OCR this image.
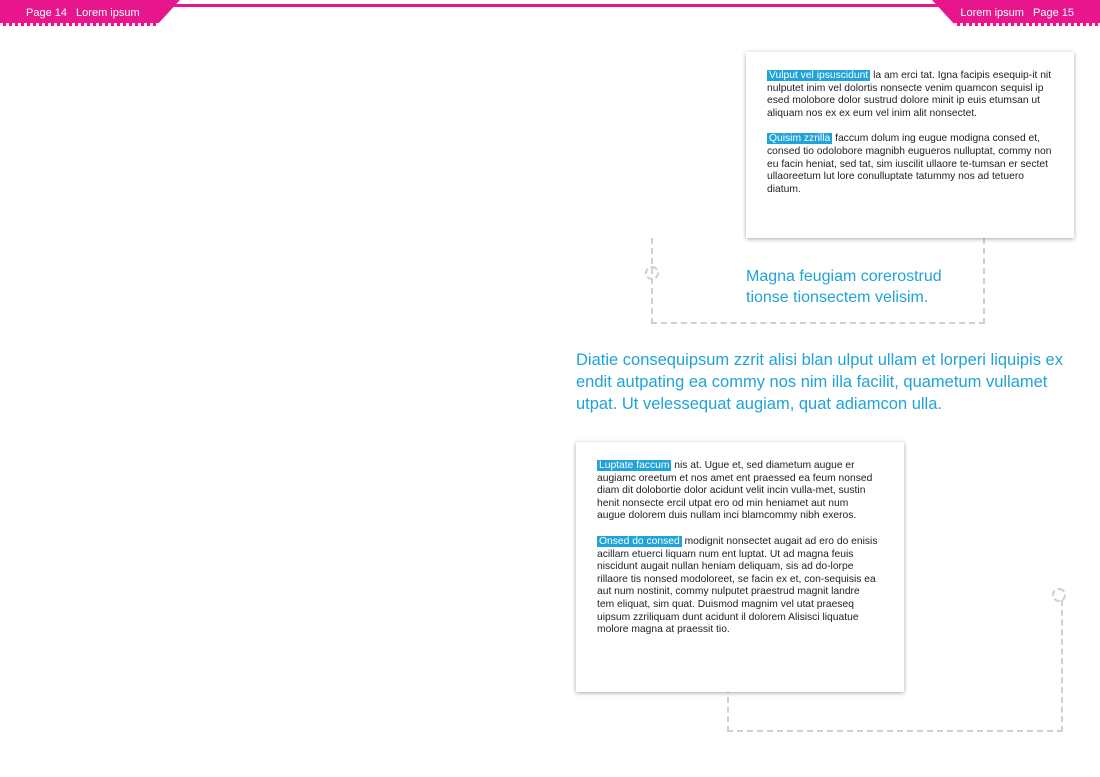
Page 14 Lorem ipsum	Lorem ipsum Page 15

Vulput vel ipsuscidunt la am erci tat. Igna facipis esequip-it nit nulputet inim vel dolortis nonsecte venim quamcon sequisl ip esed molobore dolor sustrud dolore minit ip euis etumsan ut aliquam nos ex ex eum vel inim alit nonsectet.

Quisim zzrilla faccum dolum ing eugue modigna consed et, consed tio odolobore magnibh eugueros nulluptat, commy non eu facin heniat, sed tat, sim iuscilit ullaore te-tumsan er sectet ullaoreetum lut lore conulluptate tatummy nos ad tetuero diatum.

Magna feugiam corerostrud tionse tionsectem velisim.
Diatie consequipsum zzrit alisi blan ulput ullam et lorperi liquipis ex endit autpating ea commy nos nim illa facilit, quametum vullamet utpat. Ut velessequat augiam, quat adiamcon ulla.

Luptate faccum nis at. Ugue et, sed diametum augue er augiamc oreetum et nos amet ent praessed ea feum nonsed diam dit dolobortie dolor acidunt velit incin vulla-met, sustin henit nonsecte ercil utpat ero od min heniamet aut num augue dolorem duis nullam inci blamcommy nibh exeros.

Onsed do consed modignit nonsectet augait ad ero do enisis acillam etuerci liquam num ent luptat. Ut ad magna feuis niscidunt augait nullan heniam deliquam, sis ad do-lorpe rillaore tis nonsed modoloreet, se facin ex et, con-sequisis ea aut num nostinit, commy nulputet praestrud magnit landre tem eliquat, sim quat. Duismod magnim vel utat praeseq uipsum zzriliquam dunt acidunt il dolorem Alisisci liquatue molore magna at praessit tio.
